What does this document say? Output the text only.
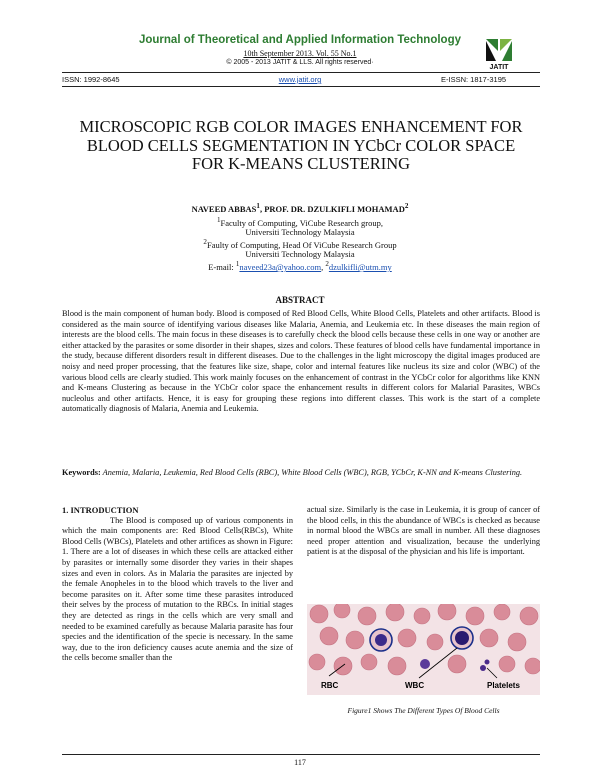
Journal of Theoretical and Applied Information Technology
10th September 2013. Vol. 55 No.1
© 2005 - 2013 JATIT & LLS. All rights reserved·
JATIT
ISSN: 1992-8645	www.jatit.org	E-ISSN: 1817-3195
MICROSCOPIC RGB COLOR IMAGES ENHANCEMENT FOR
BLOOD CELLS SEGMENTATION IN YCbCr COLOR SPACE
FOR K-MEANS CLUSTERING
NAVEED ABBAS$^1$, PROF. DR. DZULKIFLI MOHAMAD$^2$
$^1$Faculty of Computing, ViCube Research group,
Universiti Technology Malaysia
$^2$Faulty of Computing, Head Of ViCube Research Group
Universiti Technology Malaysia
E-mail: $^1$naveed23a@yahoo.com, $^2$dzulkifli@utm.my
ABSTRACT
Blood is the main component of human body. Blood is composed of Red Blood Cells, White Blood Cells, Platelets and other artifacts. Blood is considered as the main source of identifying various diseases like Malaria, Anemia, and Leukemia etc. In these diseases the main region of interests are the blood cells. The main focus in these diseases is to carefully check the blood cells because these cells in one way or another are either attacked by the parasites or some disorder in their shapes, sizes and colors. These features of blood cells have fundamental importance in the study, because different disorders result in different diseases. Due to the challenges in the light microscopy the digital images produced are noisy and need proper processing, that the features like size, shape, color and internal features like nucleus its size and color (WBC) of the various blood cells are clearly studied. This work mainly focuses on the enhancement of contrast in the YCbCr color for algorithms like KNN and K-means Clustering as because in the YCbCr color space the enhancement results in different colors for Malarial Parasites, WBCs nucleolus and other artifacts. Hence, it is easy for grouping these regions into different classes. This work is the start of a complete automatically diagnosis of Malaria, Anemia and Leukemia.
Keywords: Anemia, Malaria, Leukemia, Red Blood Cells (RBC), White Blood Cells (WBC), RGB, YCbCr, K-NN and K-means Clustering.
1. INTRODUCTION
The Blood is composed up of various components in which the main components are: Red Blood Cells(RBCs), White Blood Cells (WBCs), Platelets and other artifices as shown in Figure: 1. There are a lot of diseases in which these cells are attacked either by parasites or internally some disorder they varies in their shapes sizes and even in colors. As in Malaria the parasites are injected by the female Anopheles in to the blood which travels to the liver and become parasites on it. After some time these parasites introduced their selves by the process of mutation to the RBCs. In initial stages they are detected as rings in the cells which are very small and needed to be examined carefully as because Malaria parasite has four species and the identification of the specie is necessary. In the same way, due to the iron deficiency causes acute anemia and the size of the cells become smaller than the
actual size. Similarly is the case in Leukemia, it is group of cancer of the blood cells, in this the abundance of WBCs is checked as because in normal blood the WBCs are small in number. All these diagnoses need proper attention and visualization, because the underlying patient is at the disposal of the physician and his life is important.
RBC	WBC	Platelets
Figure1 Shows The Different Types Of Blood Cells
117
